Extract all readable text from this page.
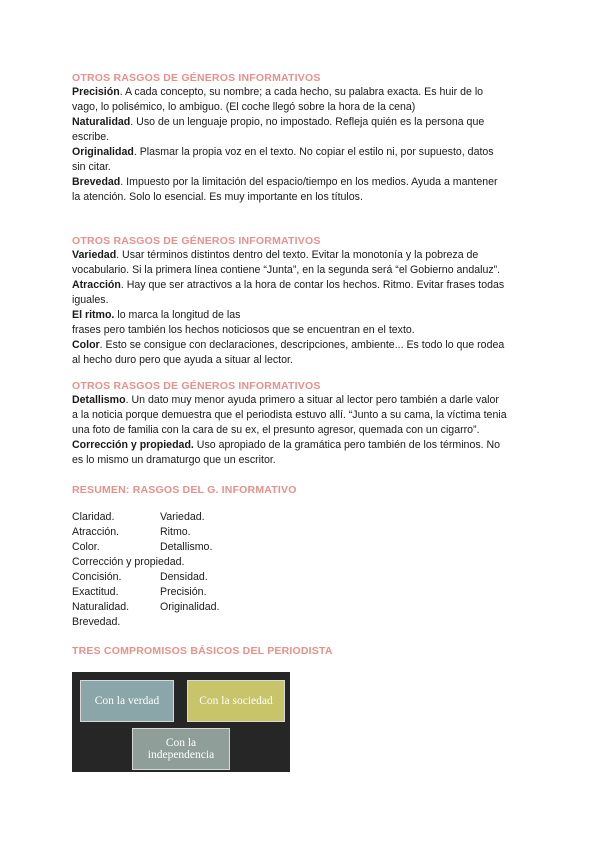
OTROS RASGOS DE GÉNEROS INFORMATIVOS
Precisión. A cada concepto, su nombre; a cada hecho, su palabra exacta. Es huir de lo
vago, lo polisémico, lo ambiguo. (El coche llegó sobre la hora de la cena)
Naturalidad. Uso de un lenguaje propio, no impostado. Refleja quién es la persona que
escribe.
Originalidad. Plasmar la propia voz en el texto. No copiar el estilo ni, por supuesto, datos
sin citar.
Brevedad. Impuesto por la limitación del espacio/tiempo en los medios. Ayuda a mantener
la atención. Solo lo esencial. Es muy importante en los títulos.
OTROS RASGOS DE GÉNEROS INFORMATIVOS
Variedad. Usar términos distintos dentro del texto. Evitar la monotonía y la pobreza de
vocabulario. Si la primera línea contiene “Junta”, en la segunda será “el Gobierno andaluz”.
Atracción. Hay que ser atractivos a la hora de contar los hechos. Ritmo. Evitar frases todas
iguales.
El ritmo. lo marca la longitud de las
frases pero también los hechos noticiosos que se encuentran en el texto.
Color. Esto se consigue con declaraciones, descripciones, ambiente... Es todo lo que rodea
al hecho duro pero que ayuda a situar al lector.
OTROS RASGOS DE GÉNEROS INFORMATIVOS
Detallismo. Un dato muy menor ayuda primero a situar al lector pero también a darle valor
a la noticia porque demuestra que el periodista estuvo allí. “Junto a su cama, la víctima tenia
una foto de familia con la cara de su ex, el presunto agresor, quemada con un cigarro”.
Corrección y propiedad. Uso apropiado de la gramática pero también de los términos. No
es lo mismo un dramaturgo que un escritor.
RESUMEN: RASGOS DEL G. INFORMATIVO
Claridad.	Variedad.
Atracción.	Ritmo.
Color.	Detallismo.
Corrección y propiedad.
Concisión.	Densidad.
Exactitud.	Precisión.
Naturalidad.	Originalidad.
Brevedad.
TRES COMPROMISOS BÁSICOS DEL PERIODISTA
Con la verdad	Con la sociedad
Con la independencia
